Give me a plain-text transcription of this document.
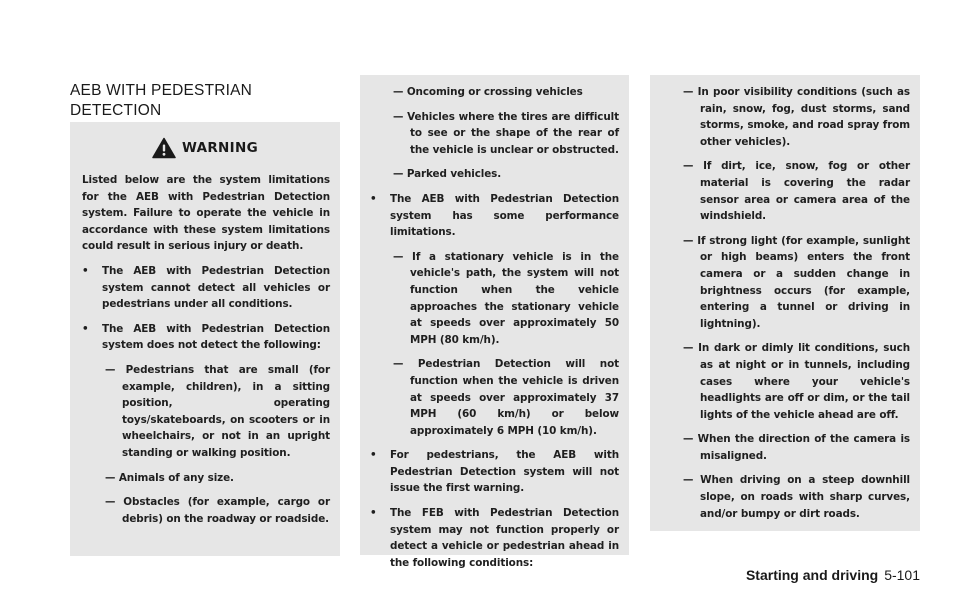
AEB WITH PEDESTRIAN DETECTION
WARNING
Listed below are the system limitations for the AEB with Pedestrian Detection system. Failure to operate the vehicle in accordance with these system limitations could result in serious injury or death.
•	The AEB with Pedestrian Detection system cannot detect all vehicles or pedestrians under all conditions.
•	The AEB with Pedestrian Detection system does not detect the following:
— Pedestrians that are small (for example, children), in a sitting position, operating toys/skateboards, on scooters or in wheelchairs, or not in an upright standing or walking position.
— Animals of any size.
— Obstacles (for example, cargo or debris) on the roadway or roadside.
— Oncoming or crossing vehicles
— Vehicles where the tires are difficult to see or the shape of the rear of the vehicle is unclear or obstructed.
— Parked vehicles.
•	The AEB with Pedestrian Detection system has some performance limitations.
— If a stationary vehicle is in the vehicle's path, the system will not function when the vehicle approaches the stationary vehicle at speeds over approximately 50 MPH (80 km/h).
— Pedestrian Detection will not function when the vehicle is driven at speeds over approximately 37 MPH (60 km/h) or below approximately 6 MPH (10 km/h).
•	For pedestrians, the AEB with Pedestrian Detection system will not issue the first warning.
•	The FEB with Pedestrian Detection system may not function properly or detect a vehicle or pedestrian ahead in the following conditions:
— In poor visibility conditions (such as rain, snow, fog, dust storms, sand storms, smoke, and road spray from other vehicles).
— If dirt, ice, snow, fog or other material is covering the radar sensor area or camera area of the windshield.
— If strong light (for example, sunlight or high beams) enters the front camera or a sudden change in brightness occurs (for example, entering a tunnel or driving in lightning).
— In dark or dimly lit conditions, such as at night or in tunnels, including cases where your vehicle's headlights are off or dim, or the tail lights of the vehicle ahead are off.
— When the direction of the camera is misaligned.
— When driving on a steep downhill slope, on roads with sharp curves, and/or bumpy or dirt roads.
Starting and driving 5-101
